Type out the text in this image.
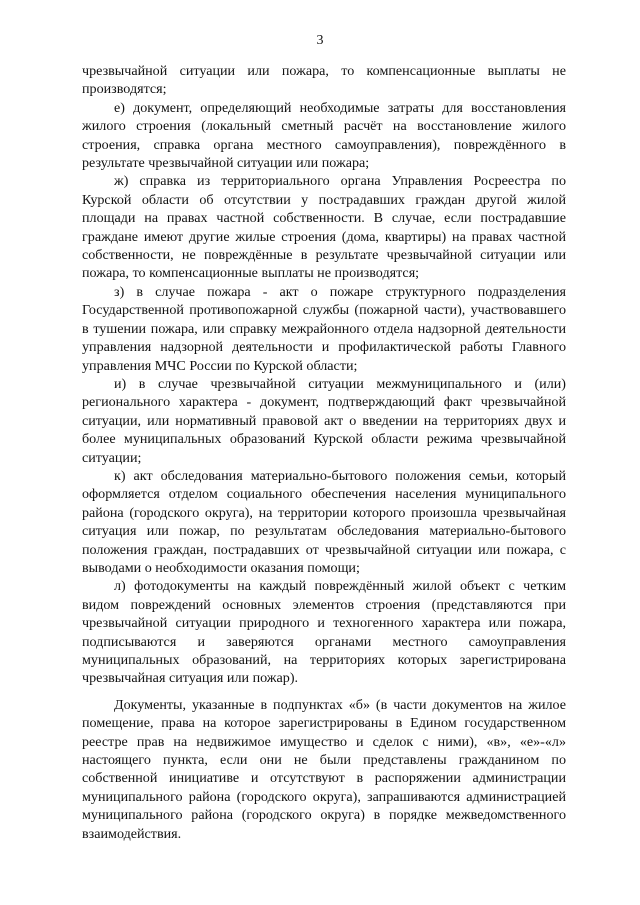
3

чрезвычайной ситуации или пожара, то компенсационные выплаты не производятся;

е) документ, определяющий необходимые затраты для восстановления жилого строения (локальный сметный расчёт на восстановление жилого строения, справка органа местного самоуправления), повреждённого в результате чрезвычайной ситуации или пожара;

ж) справка из территориального органа Управления Росреестра по Курской области об отсутствии у пострадавших граждан другой жилой площади на правах частной собственности. В случае, если пострадавшие граждане имеют другие жилые строения (дома, квартиры) на правах частной собственности, не повреждённые в результате чрезвычайной ситуации или пожара, то компенсационные выплаты не производятся;

з) в случае пожара - акт о пожаре структурного подразделения Государственной противопожарной службы (пожарной части), участвовавшего в тушении пожара, или справку межрайонного отдела надзорной деятельности управления надзорной деятельности и профилактической работы Главного управления МЧС России по Курской области;

и) в случае чрезвычайной ситуации межмуниципального и (или) регионального характера - документ, подтверждающий факт чрезвычайной ситуации, или нормативный правовой акт о введении на территориях двух и более муниципальных образований Курской области режима чрезвычайной ситуации;

к) акт обследования материально-бытового положения семьи, который оформляется отделом социального обеспечения населения муниципального района (городского округа), на территории которого произошла чрезвычайная ситуация или пожар, по результатам обследования материально-бытового положения граждан, пострадавших от чрезвычайной ситуации или пожара, с выводами о необходимости оказания помощи;

л) фотодокументы на каждый повреждённый жилой объект с четким видом повреждений основных элементов строения (представляются при чрезвычайной ситуации природного и техногенного характера или пожара, подписываются и заверяются органами местного самоуправления муниципальных образований, на территориях которых зарегистрирована чрезвычайная ситуация или пожар).

Документы, указанные в подпунктах «б» (в части документов на жилое помещение, права на которое зарегистрированы в Едином государственном реестре прав на недвижимое имущество и сделок с ними), «в», «е»-«л» настоящего пункта, если они не были представлены гражданином по собственной инициативе и отсутствуют в распоряжении администрации муниципального района (городского округа), запрашиваются администрацией муниципального района (городского округа) в порядке межведомственного взаимодействия.
